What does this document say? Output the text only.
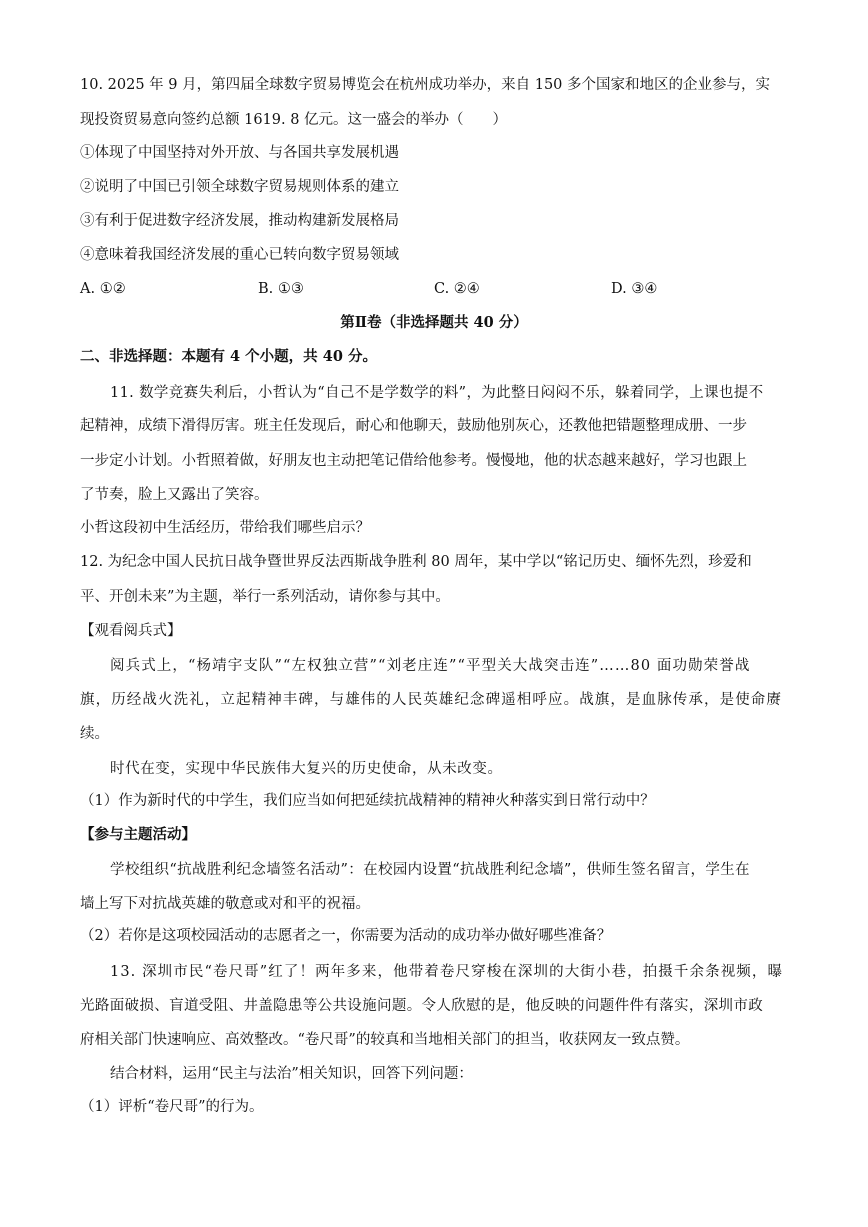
10. 2025 年 9 月，第四届全球数字贸易博览会在杭州成功举办，来自 150 多个国家和地区的企业参与，实
现投资贸易意向签约总额 1619. 8 亿元。这一盛会的举办（　　）
①体现了中国坚持对外开放、与各国共享发展机遇
②说明了中国已引领全球数字贸易规则体系的建立
③有利于促进数字经济发展，推动构建新发展格局
④意味着我国经济发展的重心已转向数字贸易领域
A. ①②	B. ①③	C. ②④	D. ③④
第Ⅱ卷（非选择题共 40 分）
二、非选择题：本题有 4 个小题，共 40 分。
11. 数学竞赛失利后，小哲认为“自己不是学数学的料”，为此整日闷闷不乐，躲着同学，上课也提不
起精神，成绩下滑得厉害。班主任发现后，耐心和他聊天，鼓励他别灰心，还教他把错题整理成册、一步
一步定小计划。小哲照着做，好朋友也主动把笔记借给他参考。慢慢地，他的状态越来越好，学习也跟上
了节奏，脸上又露出了笑容。
小哲这段初中生活经历，带给我们哪些启示？
12. 为纪念中国人民抗日战争暨世界反法西斯战争胜利 80 周年，某中学以“铭记历史、缅怀先烈，珍爱和
平、开创未来”为主题，举行一系列活动，请你参与其中。
【观看阅兵式】
阅兵式上，“杨靖宇支队”“左权独立营”“刘老庄连”“平型关大战突击连”……80 面功勋荣誉战
旗，历经战火洗礼，立起精神丰碑，与雄伟的人民英雄纪念碑遥相呼应。战旗，是血脉传承，是使命赓
续。
时代在变，实现中华民族伟大复兴的历史使命，从未改变。
（1）作为新时代的中学生，我们应当如何把延续抗战精神的精神火种落实到日常行动中？
【参与主题活动】
学校组织“抗战胜利纪念墙签名活动”：在校园内设置“抗战胜利纪念墙”，供师生签名留言，学生在
墙上写下对抗战英雄的敬意或对和平的祝福。
（2）若你是这项校园活动的志愿者之一，你需要为活动的成功举办做好哪些准备？
13. 深圳市民“卷尺哥”红了！两年多来，他带着卷尺穿梭在深圳的大街小巷，拍摄千余条视频，曝
光路面破损、盲道受阻、井盖隐患等公共设施问题。令人欣慰的是，他反映的问题件件有落实，深圳市政
府相关部门快速响应、高效整改。“卷尺哥”的较真和当地相关部门的担当，收获网友一致点赞。
结合材料，运用“民主与法治”相关知识，回答下列问题：
（1）评析“卷尺哥”的行为。
